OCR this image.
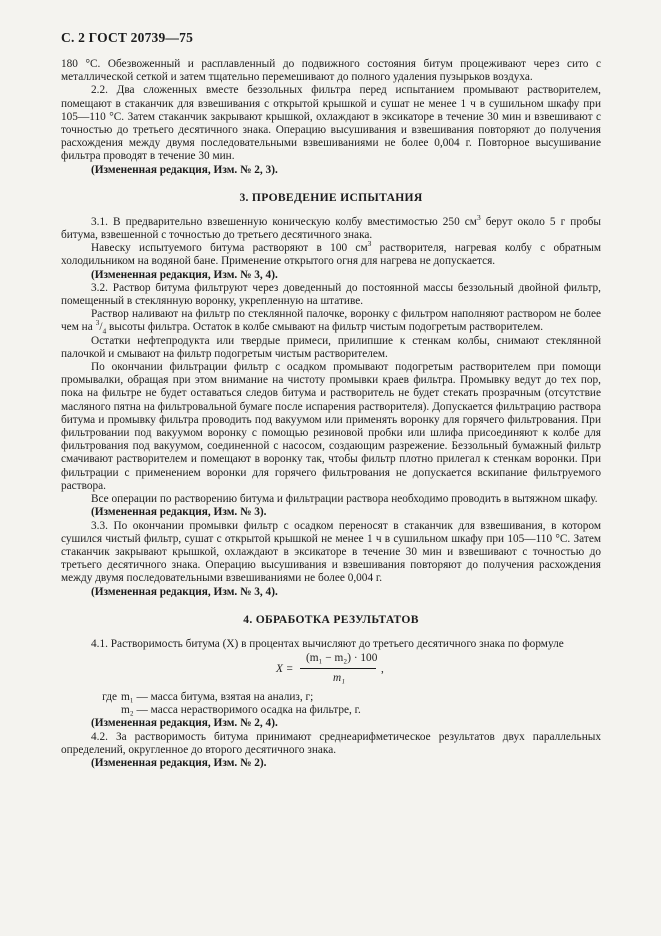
С. 2 ГОСТ 20739—75

180 °С. Обезвоженный и расплавленный до подвижного состояния битум процеживают через сито с металлической сеткой и затем тщательно перемешивают до полного удаления пузырьков воздуха.

2.2. Два сложенных вместе беззольных фильтра перед испытанием промывают растворителем, помещают в стаканчик для взвешивания с открытой крышкой и сушат не менее 1 ч в сушильном шкафу при 105—110 °С. Затем стаканчик закрывают крышкой, охлаждают в эксикаторе в течение 30 мин и взвешивают с точностью до третьего десятичного знака. Операцию высушивания и взвешивания повторяют до получения расхождения между двумя последовательными взвешиваниями не более 0,004 г. Повторное высушивание фильтра проводят в течение 30 мин.

(Измененная редакция, Изм. № 2, 3).

3. ПРОВЕДЕНИЕ ИСПЫТАНИЯ

3.1. В предварительно взвешенную коническую колбу вместимостью 250 $см^3$ берут около 5 г пробы битума, взвешенной с точностью до третьего десятичного знака.

Навеску испытуемого битума растворяют в 100 $см^3$ растворителя, нагревая колбу с обратным холодильником на водяной бане. Применение открытого огня для нагрева не допускается.

(Измененная редакция, Изм. № 3, 4).

3.2. Раствор битума фильтруют через доведенный до постоянной массы беззольный двойной фильтр, помещенный в стеклянную воронку, укрепленную на штативе.

Раствор наливают на фильтр по стеклянной палочке, воронку с фильтром наполняют раствором не более чем на $^3/_4$ высоты фильтра. Остаток в колбе смывают на фильтр чистым подогретым растворителем.

Остатки нефтепродукта или твердые примеси, прилипшие к стенкам колбы, снимают стеклянной палочкой и смывают на фильтр подогретым чистым растворителем.

По окончании фильтрации фильтр с осадком промывают подогретым растворителем при помощи промывалки, обращая при этом внимание на чистоту промывки краев фильтра. Промывку ведут до тех пор, пока на фильтре не будет оставаться следов битума и растворитель не будет стекать прозрачным (отсутствие масляного пятна на фильтровальной бумаге после испарения растворителя). Допускается фильтрацию раствора битума и промывку фильтра проводить под вакуумом или применять воронку для горячего фильтрования. При фильтровании под вакуумом воронку с помощью резиновой пробки или шлифа присоединяют к колбе для фильтрования под вакуумом, соединенной с насосом, создающим разрежение. Беззольный бумажный фильтр смачивают растворителем и помещают в воронку так, чтобы фильтр плотно прилегал к стенкам воронки. При фильтрации с применением воронки для горячего фильтрования не допускается вскипание фильтруемого раствора.

Все операции по растворению битума и фильтрации раствора необходимо проводить в вытяжном шкафу.

(Измененная редакция, Изм. № 3).

3.3. По окончании промывки фильтр с осадком переносят в стаканчик для взвешивания, в котором сушился чистый фильтр, сушат с открытой крышкой не менее 1 ч в сушильном шкафу при 105—110 °С. Затем стаканчик закрывают крышкой, охлаждают в эксикаторе в течение 30 мин и взвешивают с точностью до третьего десятичного знака. Операцию высушивания и взвешивания повторяют до получения расхождения между двумя последовательными взвешиваниями не более 0,004 г.

(Измененная редакция, Изм. № 3, 4).

4. ОБРАБОТКА РЕЗУЛЬТАТОВ

4.1. Растворимость битума (X) в процентах вычисляют до третьего десятичного знака по формуле

X =
(m₁ − m₂) · 100
m₁
,
где m₁ — масса битума, взятая на анализ, г;
m₂ — масса нерастворимого осадка на фильтре, г.

(Измененная редакция, Изм. № 2, 4).

4.2. За растворимость битума принимают среднеарифметическое результатов двух параллельных определений, округленное до второго десятичного знака.

(Измененная редакция, Изм. № 2).
